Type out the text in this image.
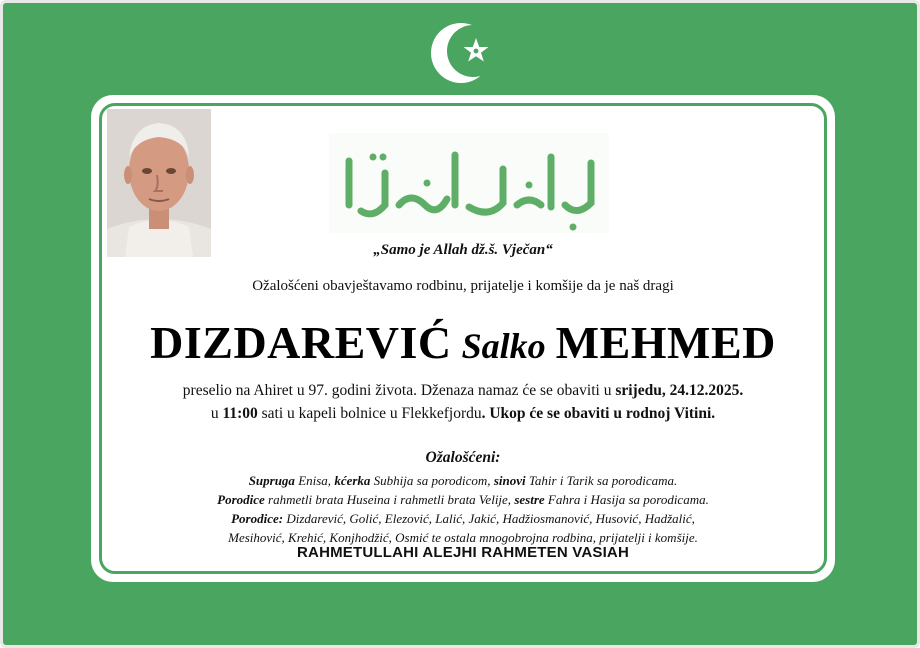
„Samo je Allah dž.š. Vječan“
Ožalošćeni obavještavamo rodbinu, prijatelje i komšije da je naš dragi
DIZDAREVIĆ Salko MEHMED
preselio na Ahiret u 97. godini života. Dženaza namaz će se obaviti u srijedu, 24.12.2025.
u 11:00 sati u kapeli bolnice u Flekkefjordu. Ukop će se obaviti u rodnoj Vitini.
Ožalošćeni:
Supruga Enisa, kćerka Subhija sa porodicom, sinovi Tahir i Tarik sa porodicama.
Porodice rahmetli brata Huseina i rahmetli brata Velije, sestre Fahra i Hasija sa porodicama.
Porodice: Dizdarević, Golić, Elezović, Lalić, Jakić, Hadžiosmanović, Husović, Hadžalić,
Mesihović, Krehić, Konjhodžić, Osmić te ostala mnogobrojna rodbina, prijatelji i komšije.
RAHMETULLAHI ALEJHI RAHMETEN VASIAH
